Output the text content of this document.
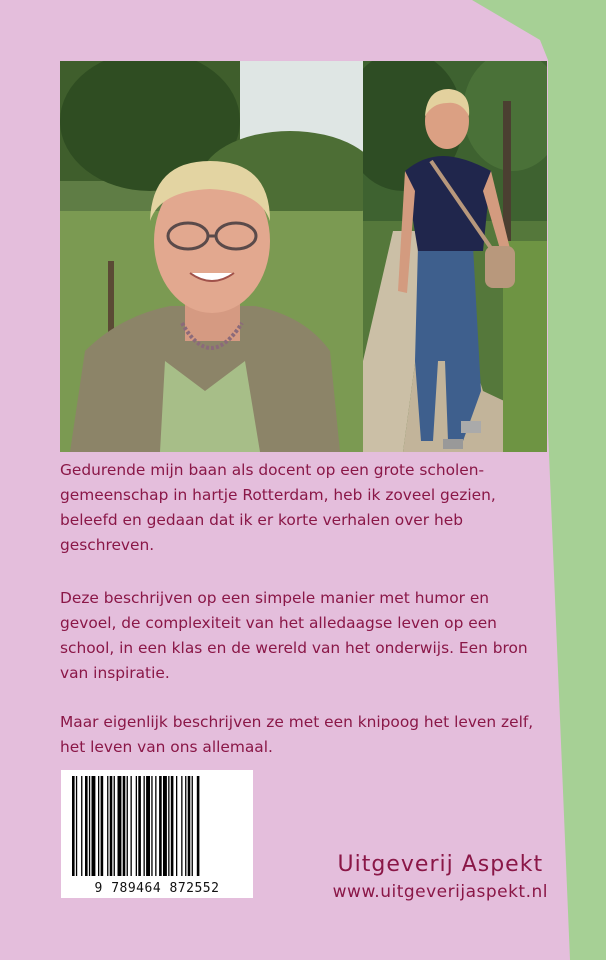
Gedurende mijn baan als docent op een grote scholen-gemeenschap in hartje Rotterdam, heb ik zoveel gezien, beleefd en gedaan dat ik er korte verhalen over heb geschreven.

Deze beschrijven op een simpele manier met humor en gevoel, de complexiteit van het alledaagse leven op een school, in een klas en de wereld van het onderwijs. Een bron van inspiratie.

Maar eigenlijk beschrijven ze met een knipoog het leven zelf, het leven van ons allemaal.

9 789464 872552
Uitgeverij Aspekt
www.uitgeverijaspekt.nl
